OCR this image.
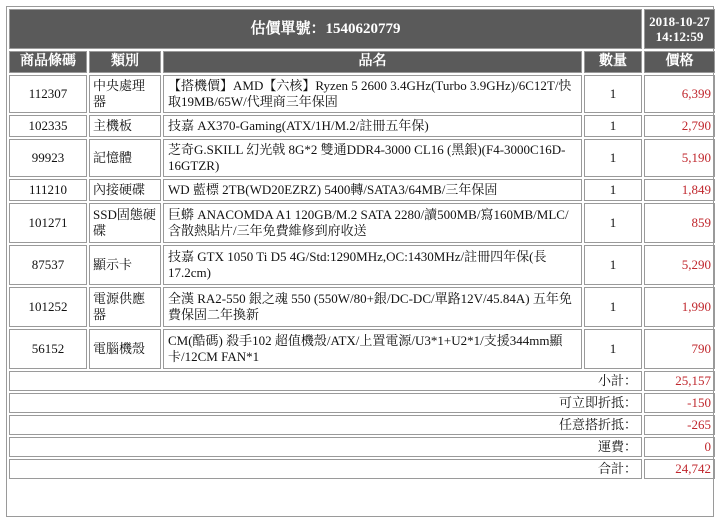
估價單號：1540620779				2018-10-27
14:12:59

商品條碼	類別	品名	數量	價格
112307	中央處理器	【搭機價】AMD【六核】Ryzen 5 2600 3.4GHz(Turbo 3.9GHz)/6C12T/快取19MB/65W/代理商三年保固	1	6,399
102335	主機板	技嘉 AX370-Gaming(ATX/1H/M.2/註冊五年保)	1	2,790
99923	記憶體	芝奇G.SKILL 幻光戟 8G*2 雙通DDR4-3000 CL16 (黑銀)(F4-3000C16D-16GTZR)	1	5,190
111210	內接硬碟	WD 藍標 2TB(WD20EZRZ) 5400轉/SATA3/64MB/三年保固	1	1,849
101271	SSD固態硬碟	巨蟒 ANACOMDA A1 120GB/M.2 SATA 2280/讀500MB/寫160MB/MLC/含散熱貼片/三年免費維修到府收送	1	859
87537	顯示卡	技嘉 GTX 1050 Ti D5 4G/Std:1290MHz,OC:1430MHz/註冊四年保(長17.2cm)	1	5,290
101252	電源供應器	全漢 RA2-550 銀之魂 550 (550W/80+銀/DC-DC/單路12V/45.84A) 五年免費保固二年換新	1	1,990
56152	電腦機殼	CM(酷碼) 殺手102 超值機殼/ATX/上置電源/U3*1+U2*1/支援344mm顯卡/12CM FAN*1	1	790
小計：				25,157
可立即折抵：				-150
任意搭折抵：				-265
運費：				0
合計：				24,742
